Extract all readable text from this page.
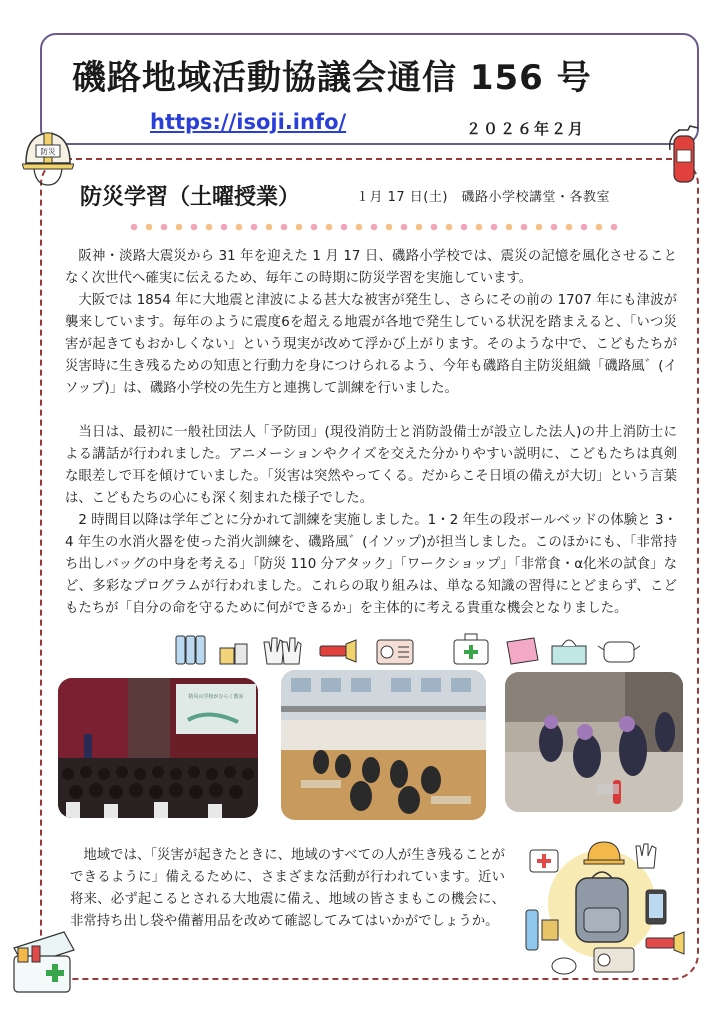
磯路地域活動協議会通信 156 号
https://isoji.info/	２０２６年２月
防災
防災学習（土曜授業）	１月 17 日(土)　磯路小学校講堂・各教室

阪神・淡路大震災から 31 年を迎えた 1 月 17 日、磯路小学校では、震災の記憶を風化させることなく次世代へ確実に伝えるため、毎年この時期に防災学習を実施しています。

大阪では 1854 年に大地震と津波による甚大な被害が発生し、さらにその前の 1707 年にも津波が襲来しています。毎年のように震度6を超える地震が各地で発生している状況を踏まえると、「いつ災害が起きてもおかしくない」という現実が改めて浮かび上がります。そのような中で、こどもたちが災害時に生き残るための知恵と行動力を身につけられるよう、今年も磯路自主防災組織「磯路風゛(イソップ)」は、磯路小学校の先生方と連携して訓練を行いました。

当日は、最初に一般社団法人「予防団」(現役消防士と消防設備士が設立した法人)の井上消防士による講話が行われました。アニメーションやクイズを交えた分かりやすい説明に、こどもたちは真剣な眼差しで耳を傾けていました。「災害は突然やってくる。だからこそ日頃の備えが大切」という言葉は、こどもたちの心にも深く刻まれた様子でした。

2 時間目以降は学年ごとに分かれて訓練を実施しました。1・2 年生の段ボールベッドの体験と 3・4 年生の水消火器を使った消火訓練を、磯路風゛(イソップ)が担当しました。このほかにも、「非常持ち出しバッグの中身を考える」「防災 110 分アタック」「ワークショップ」「非常食・α化米の試食」など、多彩なプログラムが行われました。これらの取り組みは、単なる知識の習得にとどまらず、こどもたちが「自分の命を守るために何ができるか」を主体的に考える貴重な機会となりました。

防災の学校がひらく教室

地域では、「災害が起きたときに、地域のすべての人が生き残ることができるように」備えるために、さまざまな活動が行われています。近い将来、必ず起こるとされる大地震に備え、地域の皆さまもこの機会に、非常持ち出し袋や備蓄用品を改めて確認してみてはいかがでしょうか。
